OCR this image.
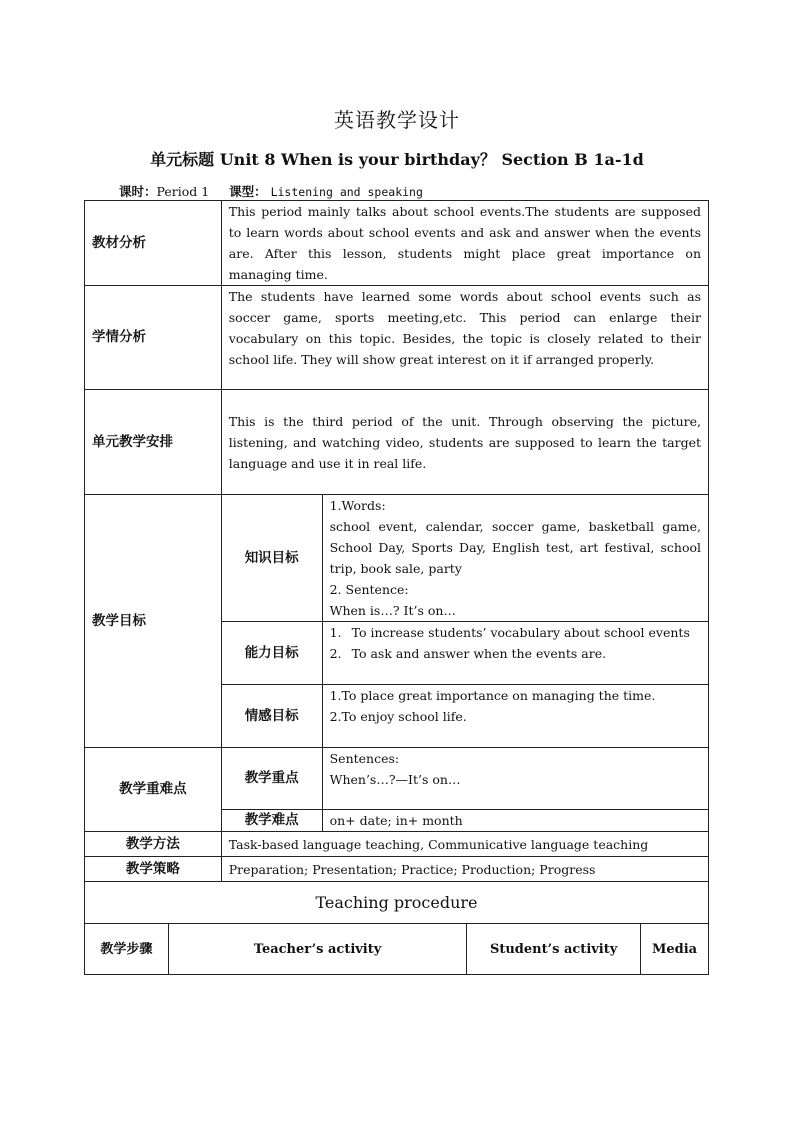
英语教学设计
单元标题 Unit 8 When is your birthday？ Section B 1a-1d
课时：Period 1 课型： Listening and speaking
教材分析	This period mainly talks about school events.The students are supposed to learn words about school events and ask and answer when the events are. After this lesson, students might place great importance on managing time.	
学情分析	The students have learned some words about school events such as soccer game, sports meeting,etc. This period can enlarge their vocabulary on this topic. Besides, the topic is closely related to their school life. They will show great interest on it if arranged properly.	
单元教学安排	This is the third period of the unit. Through observing the picture, listening, and watching video, students are supposed to learn the target language and use it in real life.	
教学目标	知识目标	1.Words:
school event, calendar, soccer game, basketball game, School Day, Sports Day, English test, art festival, school trip, book sale, party
2. Sentence:
When is…? It’s on…

	能力目标	1. To increase students’ vocabulary about school events
2. To ask and answer when the events are.

	情感目标	1.To place great importance on managing the time.
2.To enjoy school life.

教学重难点	教学重点	Sentences:
When’s…?—It’s on…

	教学难点	on+ date; in+ month
教学方法	Task-based language teaching, Communicative language teaching	
教学策略	Preparation; Presentation; Practice; Production; Progress	
Teaching procedure
教学步骤	Teacher’s activity	Student’s activity	Media
